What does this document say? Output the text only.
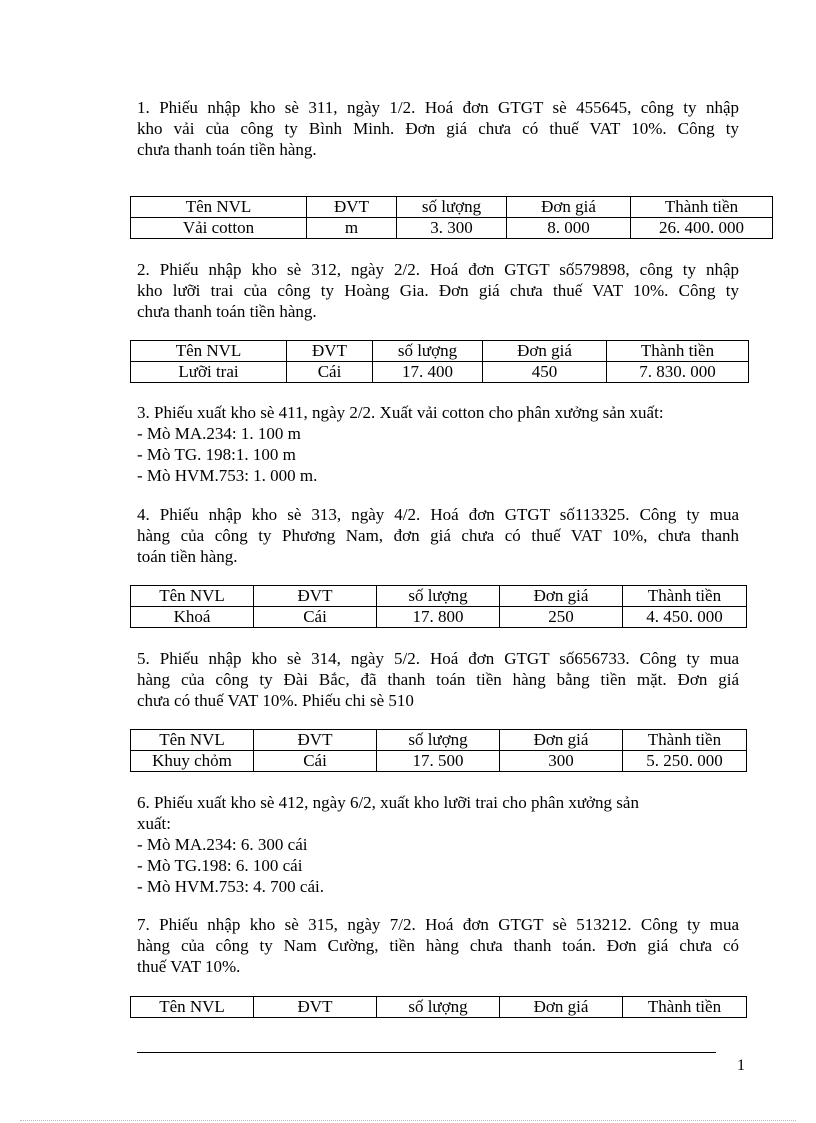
1. Phiếu nhập kho sè 311, ngày 1/2. Hoá đơn GTGT sè 455645, công ty nhập
kho vải của công ty Bình Minh. Đơn giá chưa có thuế VAT 10%. Công ty
chưa thanh toán tiền hàng.
Tên NVL	ĐVT	số lượng	Đơn giá	Thành tiền
Vải cotton	m	3. 300	8. 000	26. 400. 000
2. Phiếu nhập kho sè 312, ngày 2/2. Hoá đơn GTGT số579898, công ty nhập
kho lưỡi trai của công ty Hoàng Gia. Đơn giá chưa thuế VAT 10%. Công ty
chưa thanh toán tiền hàng.
Tên NVL	ĐVT	số lượng	Đơn giá	Thành tiền
Lưỡi trai	Cái	17. 400	450	7. 830. 000
3. Phiếu xuất kho sè 411, ngày 2/2. Xuất vải cotton cho phân xưởng sản xuất:
- Mò MA.234: 1. 100 m
- Mò TG. 198:1. 100 m
- Mò HVM.753: 1. 000 m.
4. Phiếu nhập kho sè 313, ngày 4/2. Hoá đơn GTGT số113325. Công ty mua
hàng của công ty Phương Nam, đơn giá chưa có thuế VAT 10%, chưa thanh
toán tiền hàng.
Tên NVL	ĐVT	số lượng	Đơn giá	Thành tiền
Khoá	Cái	17. 800	250	4. 450. 000
5. Phiếu nhập kho sè 314, ngày 5/2. Hoá đơn GTGT số656733. Công ty mua
hàng của công ty Đài Bắc, đã thanh toán tiền hàng bằng tiền mặt. Đơn giá
chưa có thuế VAT 10%. Phiếu chi sè 510
Tên NVL	ĐVT	số lượng	Đơn giá	Thành tiền
Khuy chỏm	Cái	17. 500	300	5. 250. 000
6. Phiếu xuất kho sè 412, ngày 6/2, xuất kho lưỡi trai cho phân xưởng sản
xuất:
- Mò MA.234: 6. 300 cái
- Mò TG.198: 6. 100 cái
- Mò HVM.753: 4. 700 cái.
7. Phiếu nhập kho sè 315, ngày 7/2. Hoá đơn GTGT sè 513212. Công ty mua
hàng của công ty Nam Cường, tiền hàng chưa thanh toán. Đơn giá chưa có
thuế VAT 10%.
Tên NVL	ĐVT	số lượng	Đơn giá	Thành tiền
1
